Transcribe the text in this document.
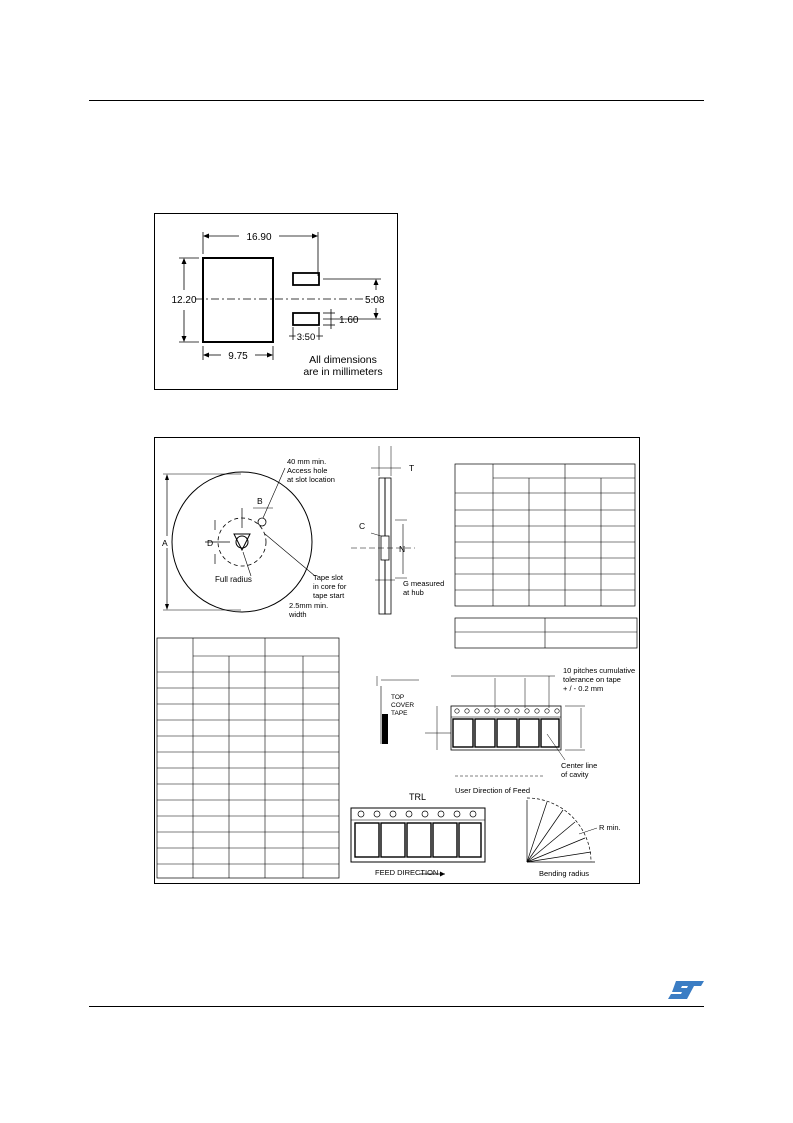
16.90
12.20	5.08
1.60
3.50
9.75	All dimensions
are in millimeters
A	D
B
40 mm min.
Access hole
at slot location
Full radius	Tape slot
in core for
tape start
2.5mm min.
width
T
C
N
G measured
at hub
10 pitches cumulative
tolerance on tape
+ / - 0.2 mm
TOP
COVER
TAPE
Center line
of cavity
User Direction of Feed
TRL
FEED DIRECTION
R min.
Bending radius
